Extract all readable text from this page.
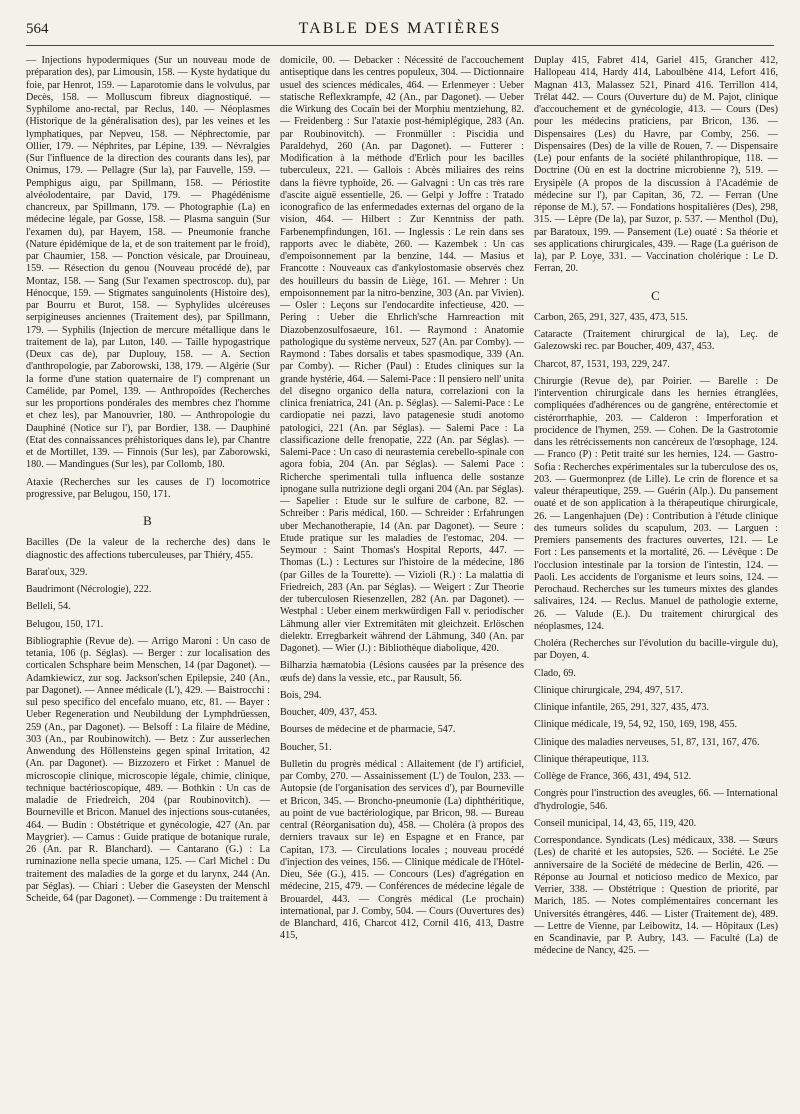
564	TABLE DES MATIÈRES

— Injections hypodermiques (Sur un nouveau mode de préparation des), par Limousin, 158. — Kyste hydatique du foie, par Henrot, 159. — Laparotomie dans le volvulus, par Decès, 158. — Molluscum fibreux diagnostiqué. — Syphilome ano-rectal, par Reclus, 140. — Néoplasmes (Historique de la généralisation des), par les veines et les lymphatiques, par Nepveu, 158. — Néphrectomie, par Ollier, 179. — Néphrites, par Lépine, 139. — Névralgies (Sur l'influence de la direction des courants dans les), par Onimus, 179. — Pellagre (Sur la), par Fauvelle, 159. — Pemphigus aigu, par Spillmann, 158. — Périostite alvéolodentaire, par David, 179. — Phagédénisme chancreux, par Spillmann, 179. — Photographie (La) en médecine légale, par Gosse, 158. — Plasma sanguin (Sur l'examen du), par Hayem, 158. — Pneumonie franche (Nature épidémique de la, et de son traitement par le froid), par Chaumier, 158. — Ponction vésicale, par Drouineau, 159. — Résection du genou (Nouveau procédé de), par Montaz, 158. — Sang (Sur l'examen spectroscop. du), par Hénocque, 159. — Stigmates sanguinolents (Histoire des), par Bourru et Burot, 158. — Syphylides ulcéreuses serpigineuses anciennes (Traitement des), par Spillmann, 179. — Syphilis (Injection de mercure métallique dans le traitement de la), par Luton, 140. — Taille hypogastrique (Deux cas de), par Duplouy, 158. — A. Section d'anthropologie, par Zaborowski, 138, 179. — Algérie (Sur la forme d'une station quaternaire de l') comprenant un Camélide, par Pomel, 139. — Anthropoïdes (Recherches sur les proportions pondérales des membres chez l'homme et chez les), par Manouvrier, 180. — Anthropologie du Dauphiné (Notice sur l'), par Bordier, 138. — Dauphiné (Etat des connaissances préhistoriques dans le), par Chantre et de Mortillet, 139. — Finnois (Sur les), par Zaborowski, 180. — Mandingues (Sur les), par Collomb, 180.

Ataxie (Recherches sur les causes de l') locomotrice progressive, par Belugou, 150, 171.

B

Bacilles (De la valeur de la recherche des) dans le diagnostic des affections tuberculeuses, par Thiéry, 455.

Baraťoux, 329.

Baudrimont (Nécrologie), 222.

Belleli, 54.

Belugou, 150, 171.

Bibliographie (Revue de). — Arrigo Maroni : Un caso de tetania, 106 (p. Séglas). — Berger : zur localisation des corticalen Schsphare beim Menschen, 14 (par Dagonet). — Adamkiewicz, zur sog. Jackson'schen Epilepsie, 240 (An., par Dagonet). — Annee médicale (L'), 429. — Baistrocchi : sul peso specifico del encefalo muano, etc, 81. — Bayer : Ueber Regeneration und Neubildung der Lymphdrüessen, 259 (An., par Dagonet). — Belsoff : La filaire de Médine, 303 (An., par Roubinowitch). — Betz : Zur ausserlechen Anwendung des Höllensteins gegen spinal Irritation, 42 (An. par Dagonet). — Bizzozero et Firket : Manuel de microscopie clinique, microscopie légale, chimie, clinique, technique bactérioscopique, 489. — Bothkin : Un cas de maladie de Friedreich, 204 (par Roubinovitch). — Bourneville et Bricon. Manuel des injections sous-cutanées, 464. — Budin : Obstétrique et gynécologie, 427 (An. par Maygrier). — Camus : Guide pratique de botanique rurale, 26 (An. par R. Blanchard). — Cantarano (G.) : La ruminazione nella specie umana, 125. — Carl Michel : Du traitement des maladies de la gorge et du larynx, 244 (An. par Séglas). — Chiari : Ueber die Gaseysten der Menschl Scheide, 64 (par Dagonet). — Commenge : Du traitement à

domicile, 00. — Debacker : Nécessité de l'accouchement antiseptique dans les centres populeux, 304. — Dictionnaire usuel des sciences médicales, 464. — Erlenmeyer : Ueber statische Reflexkrampfe, 42 (An., par Dagonet). — Ueber die Wirkung des Cocaïn bei der Morphiu mentziehung, 82. — Freidenberg : Sur l'ataxie post-hémiplégique, 283 (An. par Roubinovitch). — Fronmüller : Piscidia und Paraldehyd, 260 (An. par Dagonet). — Futterer : Modification à la méthode d'Erlich pour les bacilles tuberculeux, 221. — Gallois : Abcès miliaires des reins dans la fièvre typhoïde, 26. — Galvagni : Un cas très rare d'ascite aiguë essentielle, 26. — Gelpi y Joffre : Tratado iconografico de las enfermedades externas del organo de la vision, 464. — Hilbert : Zur Kenntniss der path. Farbenempfindungen, 161. — Inglessis : Le rein dans ses rapports avec le diabète, 260. — Kazembek : Un cas d'empoisonnement par la benzine, 144. — Masius et Francotte : Nouveaux cas d'ankylostomasie observés chez des houilleurs du bassin de Liège, 161. — Mehrer : Un empoisonnement par la nitro-benzine, 303 (An. par Vivien). — Osler : Leçons sur l'endocardite infectieuse, 420. — Pering : Ueber die Ehrlich'sche Harnreaction mit Diazobenzosulfosaeure, 161. — Raymond : Anatomie pathologique du système nerveux, 527 (An. par Comby). — Raymond : Tabes dorsalis et tabes spasmodique, 339 (An. par Comby). — Richer (Paul) : Etudes cliniques sur la grande hystérie, 464. — Salemi-Pace : Il pensiero nell' unita del disegno organico della natura, correlazioni con la clinica freniatrica, 241 (An. p. Séglas). — Salemi-Pace : Le cardiopatie nei pazzi, lavo patagenesie studi anotomo patologici, 221 (An. par Séglas). — Salemi Pace : La classificazione delle frenopatie, 222 (An. par Séglas). — Salemi-Pace : Un caso di neurastemia cerebello-spinale con agora fobia, 204 (An. par Séglas). — Salemi Pace : Richerche sperimentali tulla influenca delle sostanze ipnogane sulla nutrizione degli organi 204 (An. par Séglas). — Sapelier : Etude sur le sulfure de carbone, 82. — Schreiber : Paris médical, 160. — Schreider : Erfahrungen uber Mechanotherapie, 14 (An. par Dagonet). — Seure : Etude pratique sur les maladies de l'estomac, 204. — Seymour : Saint Thomas's Hospital Reports, 447. — Thomas (L.) : Lectures sur l'histoire de la médecine, 186 (par Gilles de la Tourette). — Vizioli (R.) : La malattia di Friedreich, 283 (An. par Séglas). — Weigert : Zur Theorie der tuberculosen Riesenzellen, 282 (An. par Dagonet). — Westphal : Ueber einem merkwürdigen Fall v. periodischer Lähmung aller vier Extremitäten mit gleichzeit. Erlöschen dielektr. Erregbarkeit während der Lähmung, 340 (An. par Dagonet). — Wier (J.) : Bibliothèque diabolique, 420.

Bilharzia hæmatobia (Lésions causées par la présence des œufs de) dans la vessie, etc., par Rausult, 56.

Bois, 294.

Boucher, 409, 437, 453.

Bourses de médecine et de pharmacie, 547.

Boucher, 51.

Bulletin du progrès médical : Allaitement (de l') artificiel, par Comby, 270. — Assainissement (L') de Toulon, 233. — Autopsie (de l'organisation des services d'), par Bourneville et Bricon, 345. — Broncho-pneumonie (La) diphthéritique, au point de vue bactériologique, par Bricon, 98. — Bureau central (Réorganisation du), 458. — Choléra (à propos des derniers travaux sur le) en Espagne et en France, par Capitan, 173. — Circulations locales ; nouveau procédé d'injection des veines, 156. — Clinique médicale de l'Hôtel-Dieu, Sée (G.), 415. — Concours (Les) d'agrégation en médecine, 215, 479. — Conférences de médecine légale de Brouardel, 443. — Congrès médical (Le prochain) international, par J. Comby, 504. — Cours (Ouvertures des) de Blanchard, 416, Charcot 412, Cornil 416, 413, Dastre 415,

Duplay 415, Fabret 414, Gariel 415, Grancher 412, Hallopeau 414, Hardy 414, Laboulbène 414, Lefort 416, Magnan 413, Malassez 521, Pinard 416. Terrillon 414, Trélat 442. — Cours (Ouverture du) de M. Pajot, clinique d'accouchement et de gynécologie, 413. — Cours (Des) pour les médecins praticiens, par Bricon, 136. — Dispensaires (Les) du Havre, par Comby, 256. — Dispensaires (Des) de la ville de Rouen, 7. — Dispensaire (Le) pour enfants de la société philanthropique, 118. — Doctrine (Où en est la doctrine microbienne ?), 519. — Erysipèle (A propos de la discussion à l'Académie de médecine sur l'), par Capitan, 36, 72. — Ferran (Une réponse de M.), 57. — Fondations hospitalières (Des), 298, 315. — Lèpre (De la), par Suzor, p. 537. — Menthol (Du), par Baratoux, 199. — Pansement (Le) ouaté : Sa théorie et ses applications chirurgicales, 439. — Rage (La guérison de la), par P. Loye, 331. — Vaccination cholérique : Le D. Ferran, 20.

C

Carbon, 265, 291, 327, 435, 473, 515.

Cataracte (Traitement chirurgical de la), Leç. de Galezowski rec. par Boucher, 409, 437, 453.

Charcot, 87, 1531, 193, 229, 247.

Chirurgie (Revue de), par Poirier. — Barelle : De l'intervention chirurgicale dans les hernies étranglées, compliquées d'adhérences ou de gangrène, entérectomie et cistérorrhaphie, 203. — Calderon : Imperforation et procidence de l'hymen, 259. — Cohen. De la Gastrotomie dans les rétrécissements non cancéreux de l'œsophage, 124. — Franco (P) : Petit traité sur les hernies, 124. — Gastro-Sofia : Recherches expérimentales sur la tuberculose des os, 203. — Guermonprez (de Lille). Le crin de florence et sa valeur thérapeutique, 259. — Guérin (Alp.). Du pansement ouaté et de son application à la thérapeutique chirurgicale, 26. — Langenhajuen (De) : Contribution à l'étude clinique des tumeurs solides du scapulum, 203. — Larguen : Premiers pansements des fractures ouvertes, 121. — Le Fort : Les pansements et la mortalité, 26. — Lévêque : De l'occlusion intestinale par la torsion de l'intestin, 124. — Paoli. Les accidents de l'organisme et leurs soins, 124. — Perochaud. Recherches sur les tumeurs mixtes des glandes salivaires, 124. — Reclus. Manuel de pathologie externe, 26. — Valude (E.). Du traitement chirurgical des néoplasmes, 124.

Choléra (Recherches sur l'évolution du bacille-virgule du), par Doyen, 4.

Clado, 69.

Clinique chirurgicale, 294, 497, 517.

Clinique infantile, 265, 291, 327, 435, 473.

Clinique médicale, 19, 54, 92, 150, 169, 198, 455.

Clinique des maladies nerveuses, 51, 87, 131, 167, 476.

Clinique thérapeutique, 113.

Collège de France, 366, 431, 494, 512.

Congrès pour l'instruction des aveugles, 66. — International d'hydrologie, 546.

Conseil municipal, 14, 43, 65, 119, 420.

Correspondance. Syndicats (Les) médicaux, 338. — Sœurs (Les) de charité et les autopsies, 526. — Société. Le 25e anniversaire de la Société de médecine de Berlin, 426. — Réponse au Journal et noticioso medico de Mexico, par Verrier, 338. — Obstétrique : Question de priorité, par Marich, 185. — Notes complémentaires concernant les Universités étrangères, 446. — Lister (Traitement de), 489. — Lettre de Vienne, par Leibowitz, 14. — Hôpitaux (Les) en Scandinavie, par P. Aubry, 143. — Faculté (La) de médecine de Nancy, 425. —
